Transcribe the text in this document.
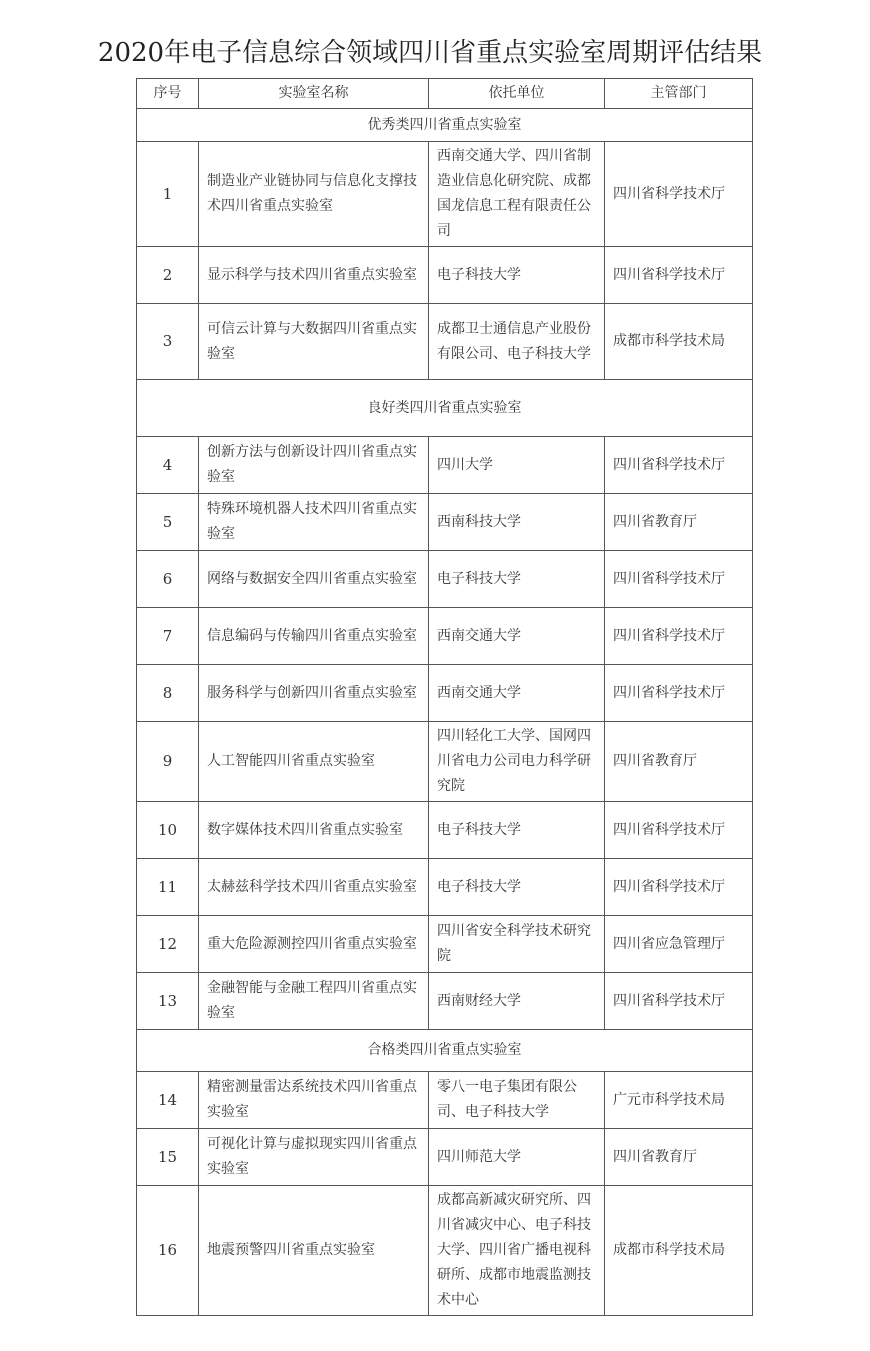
2020年电子信息综合领域四川省重点实验室周期评估结果
序号	实验室名称	依托单位	主管部门
优秀类四川省重点实验室			
1	制造业产业链协同与信息化支撑技术四川省重点实验室	西南交通大学、四川省制造业信息化研究院、成都国龙信息工程有限责任公司	四川省科学技术厅
2	显示科学与技术四川省重点实验室	电子科技大学	四川省科学技术厅
3	可信云计算与大数据四川省重点实验室	成都卫士通信息产业股份有限公司、电子科技大学	成都市科学技术局
良好类四川省重点实验室			
4	创新方法与创新设计四川省重点实验室	四川大学	四川省科学技术厅
5	特殊环境机器人技术四川省重点实验室	西南科技大学	四川省教育厅
6	网络与数据安全四川省重点实验室	电子科技大学	四川省科学技术厅
7	信息编码与传输四川省重点实验室	西南交通大学	四川省科学技术厅
8	服务科学与创新四川省重点实验室	西南交通大学	四川省科学技术厅
9	人工智能四川省重点实验室	四川轻化工大学、国网四川省电力公司电力科学研究院	四川省教育厅
10	数字媒体技术四川省重点实验室	电子科技大学	四川省科学技术厅
11	太赫兹科学技术四川省重点实验室	电子科技大学	四川省科学技术厅
12	重大危险源测控四川省重点实验室	四川省安全科学技术研究院	四川省应急管理厅
13	金融智能与金融工程四川省重点实验室	西南财经大学	四川省科学技术厅
合格类四川省重点实验室			
14	精密测量雷达系统技术四川省重点实验室	零八一电子集团有限公司、电子科技大学	广元市科学技术局
15	可视化计算与虚拟现实四川省重点实验室	四川师范大学	四川省教育厅
16	地震预警四川省重点实验室	成都高新减灾研究所、四川省减灾中心、电子科技大学、四川省广播电视科研所、成都市地震监测技术中心	成都市科学技术局
